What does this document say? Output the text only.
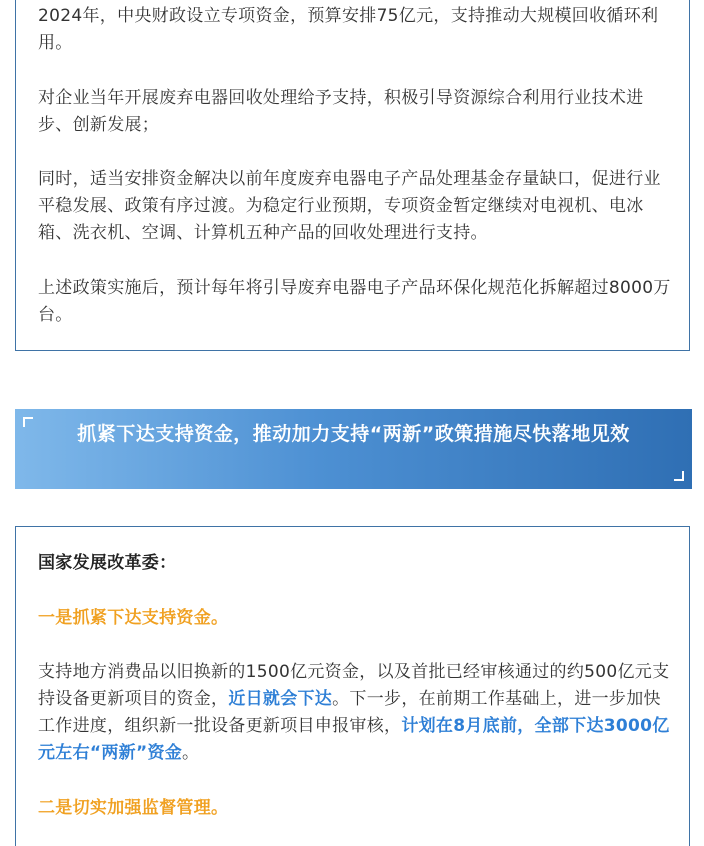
2024年，中央财政设立专项资金，预算安排75亿元，支持推动大规模回收循环利用。

对企业当年开展废弃电器回收处理给予支持，积极引导资源综合利用行业技术进步、创新发展；

同时，适当安排资金解决以前年度废弃电器电子产品处理基金存量缺口，促进行业平稳发展、政策有序过渡。为稳定行业预期，专项资金暂定继续对电视机、电冰箱、洗衣机、空调、计算机五种产品的回收处理进行支持。

上述政策实施后，预计每年将引导废弃电器电子产品环保化规范化拆解超过8000万台。

抓紧下达支持资金，推动加力支持“两新”政策措施尽快落地见效

国家发展改革委：

一是抓紧下达支持资金。

支持地方消费品以旧换新的1500亿元资金，以及首批已经审核通过的约500亿元支持设备更新项目的资金，近日就会下达。下一步，在前期工作基础上，进一步加快工作进度，组织新一批设备更新项目申报审核，计划在8月底前，全部下达3000亿元左右“两新”资金。

二是切实加强监督管理。
